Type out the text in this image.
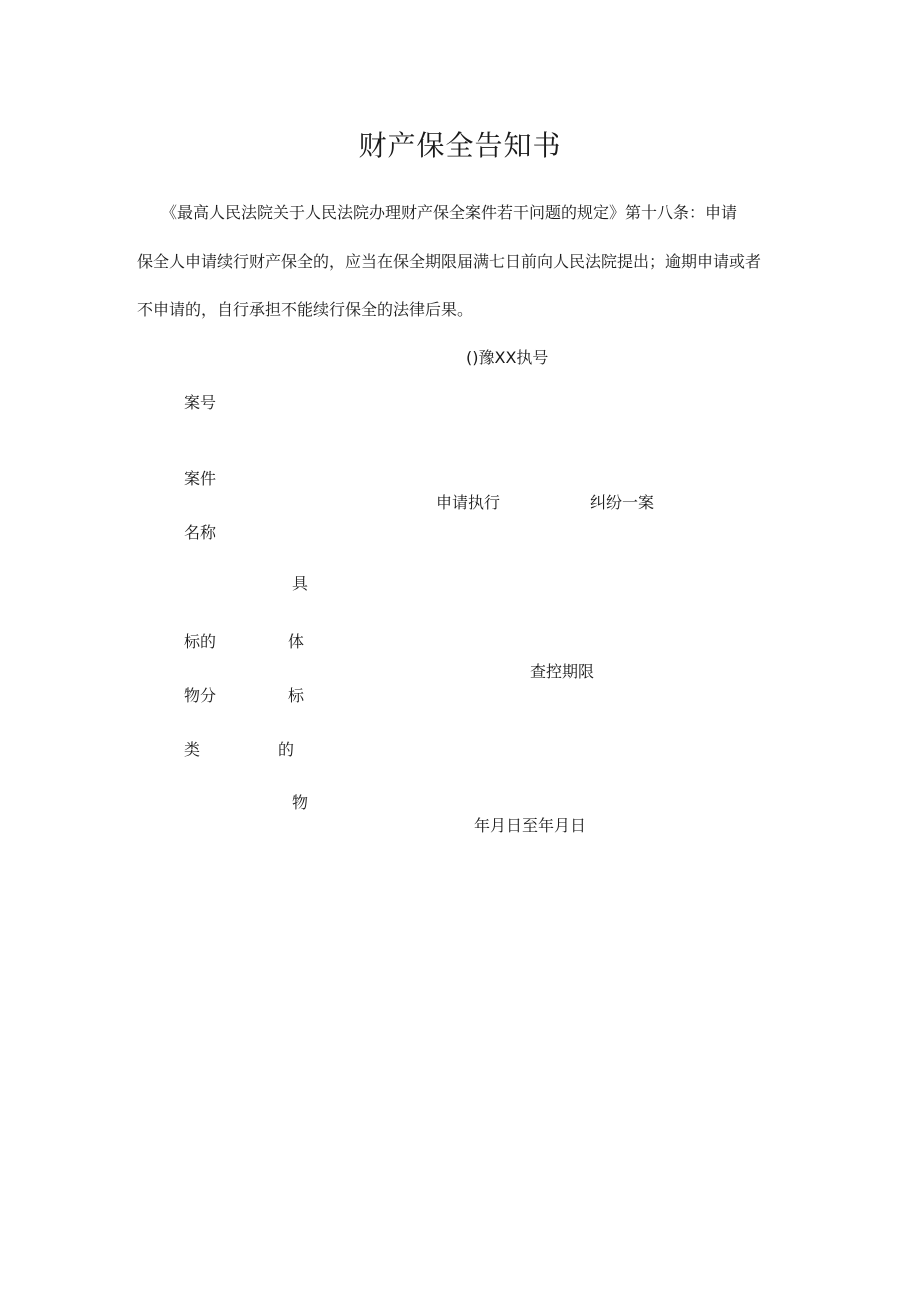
财产保全告知书
　　《最高人民法院关于人民法院办理财产保全案件若干问题的规定》第十八条：申请
保全人申请续行财产保全的，应当在保全期限届满七日前向人民法院提出；逾期申请或者
不申请的，自行承担不能续行保全的法律后果。
()豫XX执号
案号
案件
名称
申请执行	纠纷一案
具
体
标
的
物
标的
物分
类
查控期限
年月日至年月日
